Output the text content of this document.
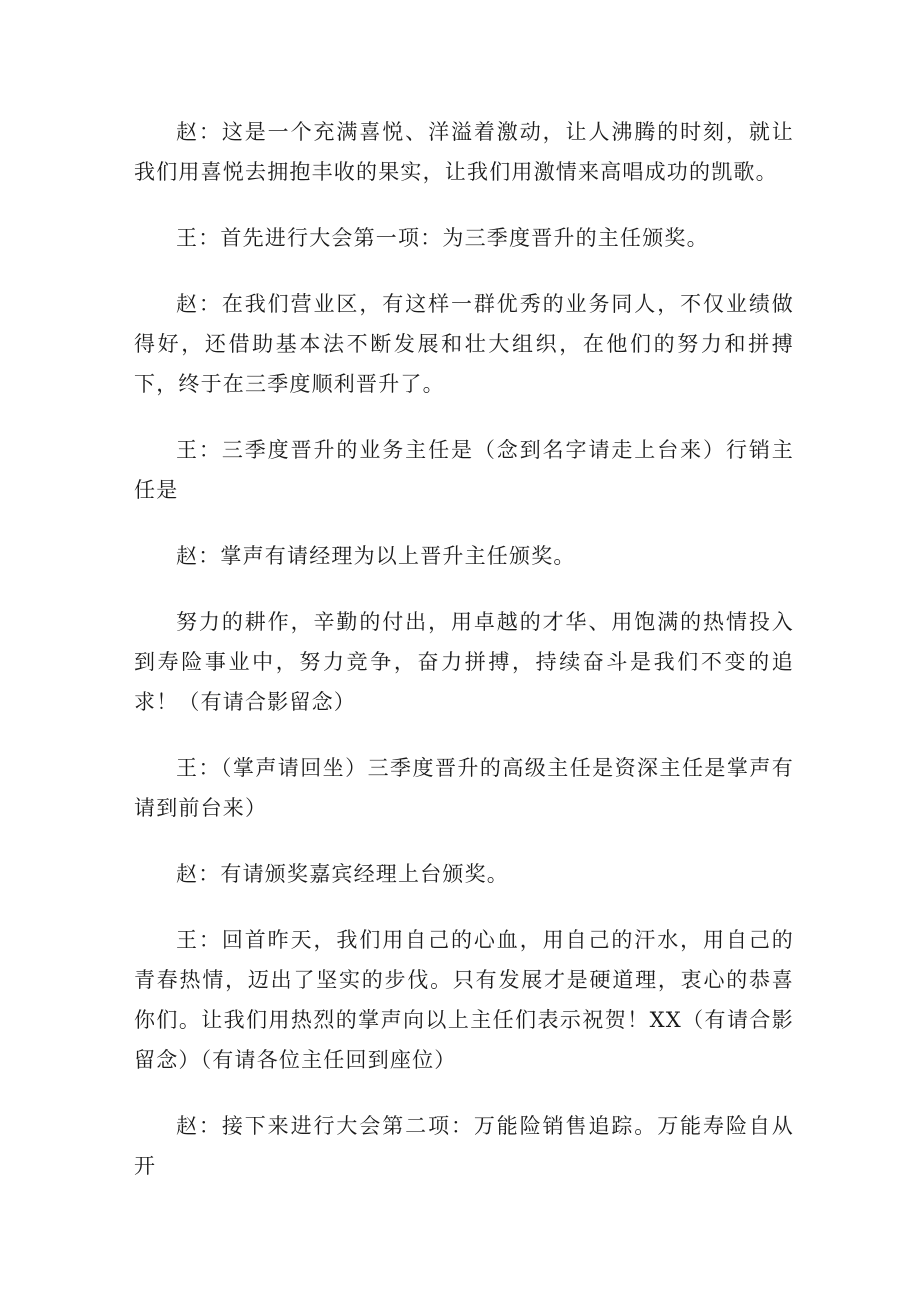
赵：这是一个充满喜悦、洋溢着激动，让人沸腾的时刻，就让我们用喜悦去拥抱丰收的果实，让我们用激情来高唱成功的凯歌。

王：首先进行大会第一项：为三季度晋升的主任颁奖。

赵：在我们营业区，有这样一群优秀的业务同人，不仅业绩做得好，还借助基本法不断发展和壮大组织，在他们的努力和拼搏下，终于在三季度顺利晋升了。

王：三季度晋升的业务主任是（念到名字请走上台来）行销主任是

赵：掌声有请经理为以上晋升主任颁奖。

努力的耕作，辛勤的付出，用卓越的才华、用饱满的热情投入到寿险事业中，努力竞争，奋力拼搏，持续奋斗是我们不变的追求！（有请合影留念）

王：（掌声请回坐）三季度晋升的高级主任是资深主任是掌声有请到前台来）

赵：有请颁奖嘉宾经理上台颁奖。

王：回首昨天，我们用自己的心血，用自己的汗水，用自己的青春热情，迈出了坚实的步伐。只有发展才是硬道理，衷心的恭喜你们。让我们用热烈的掌声向以上主任们表示祝贺！XX（有请合影留念）（有请各位主任回到座位）

赵：接下来进行大会第二项：万能险销售追踪。万能寿险自从开
